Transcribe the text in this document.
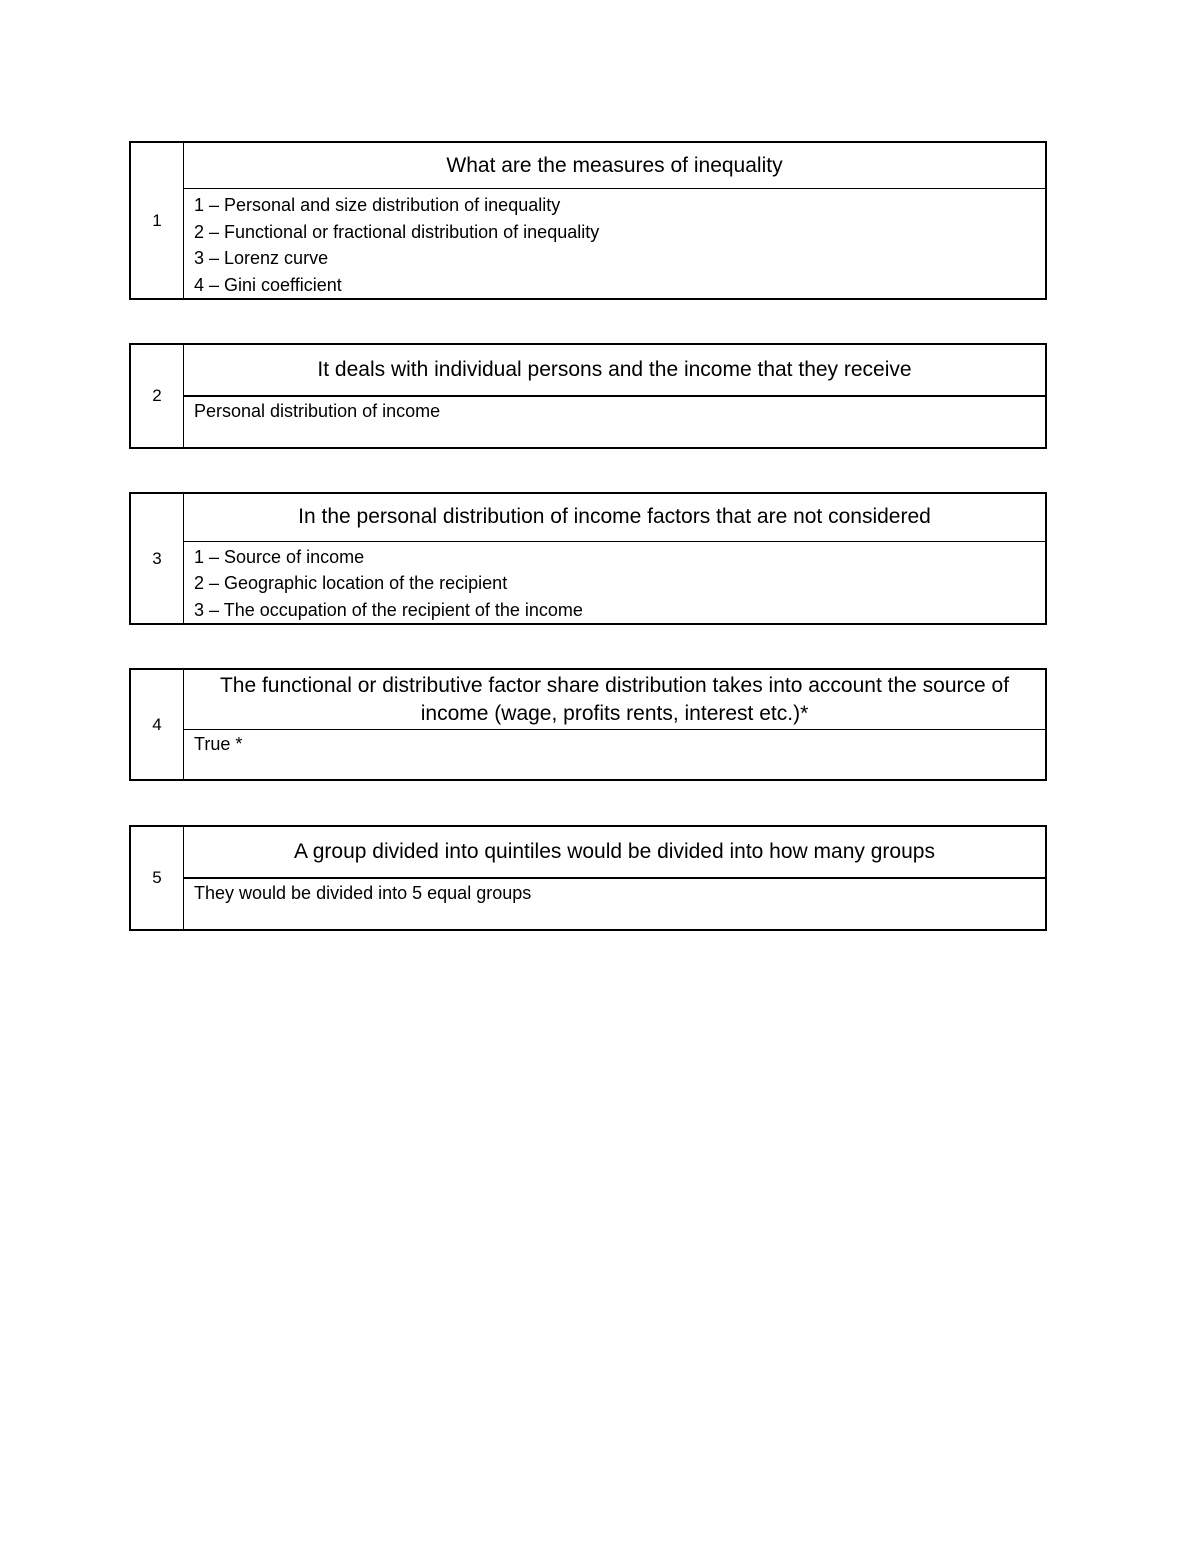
1
What are the measures of inequality
1 – Personal and size distribution of inequality
2 – Functional or fractional distribution of inequality
3 – Lorenz curve
4 – Gini coefficient
2
It deals with individual persons and the income that they receive
Personal distribution of income
3
In the personal distribution of income factors that are not considered
1 – Source of income
2 – Geographic location of the recipient
3 – The occupation of the recipient of the income
4
The functional or distributive factor share distribution takes into account the source of income (wage, profits rents, interest etc.)*
True *
5
A group divided into quintiles would be divided into how many groups
They would be divided into 5 equal groups
